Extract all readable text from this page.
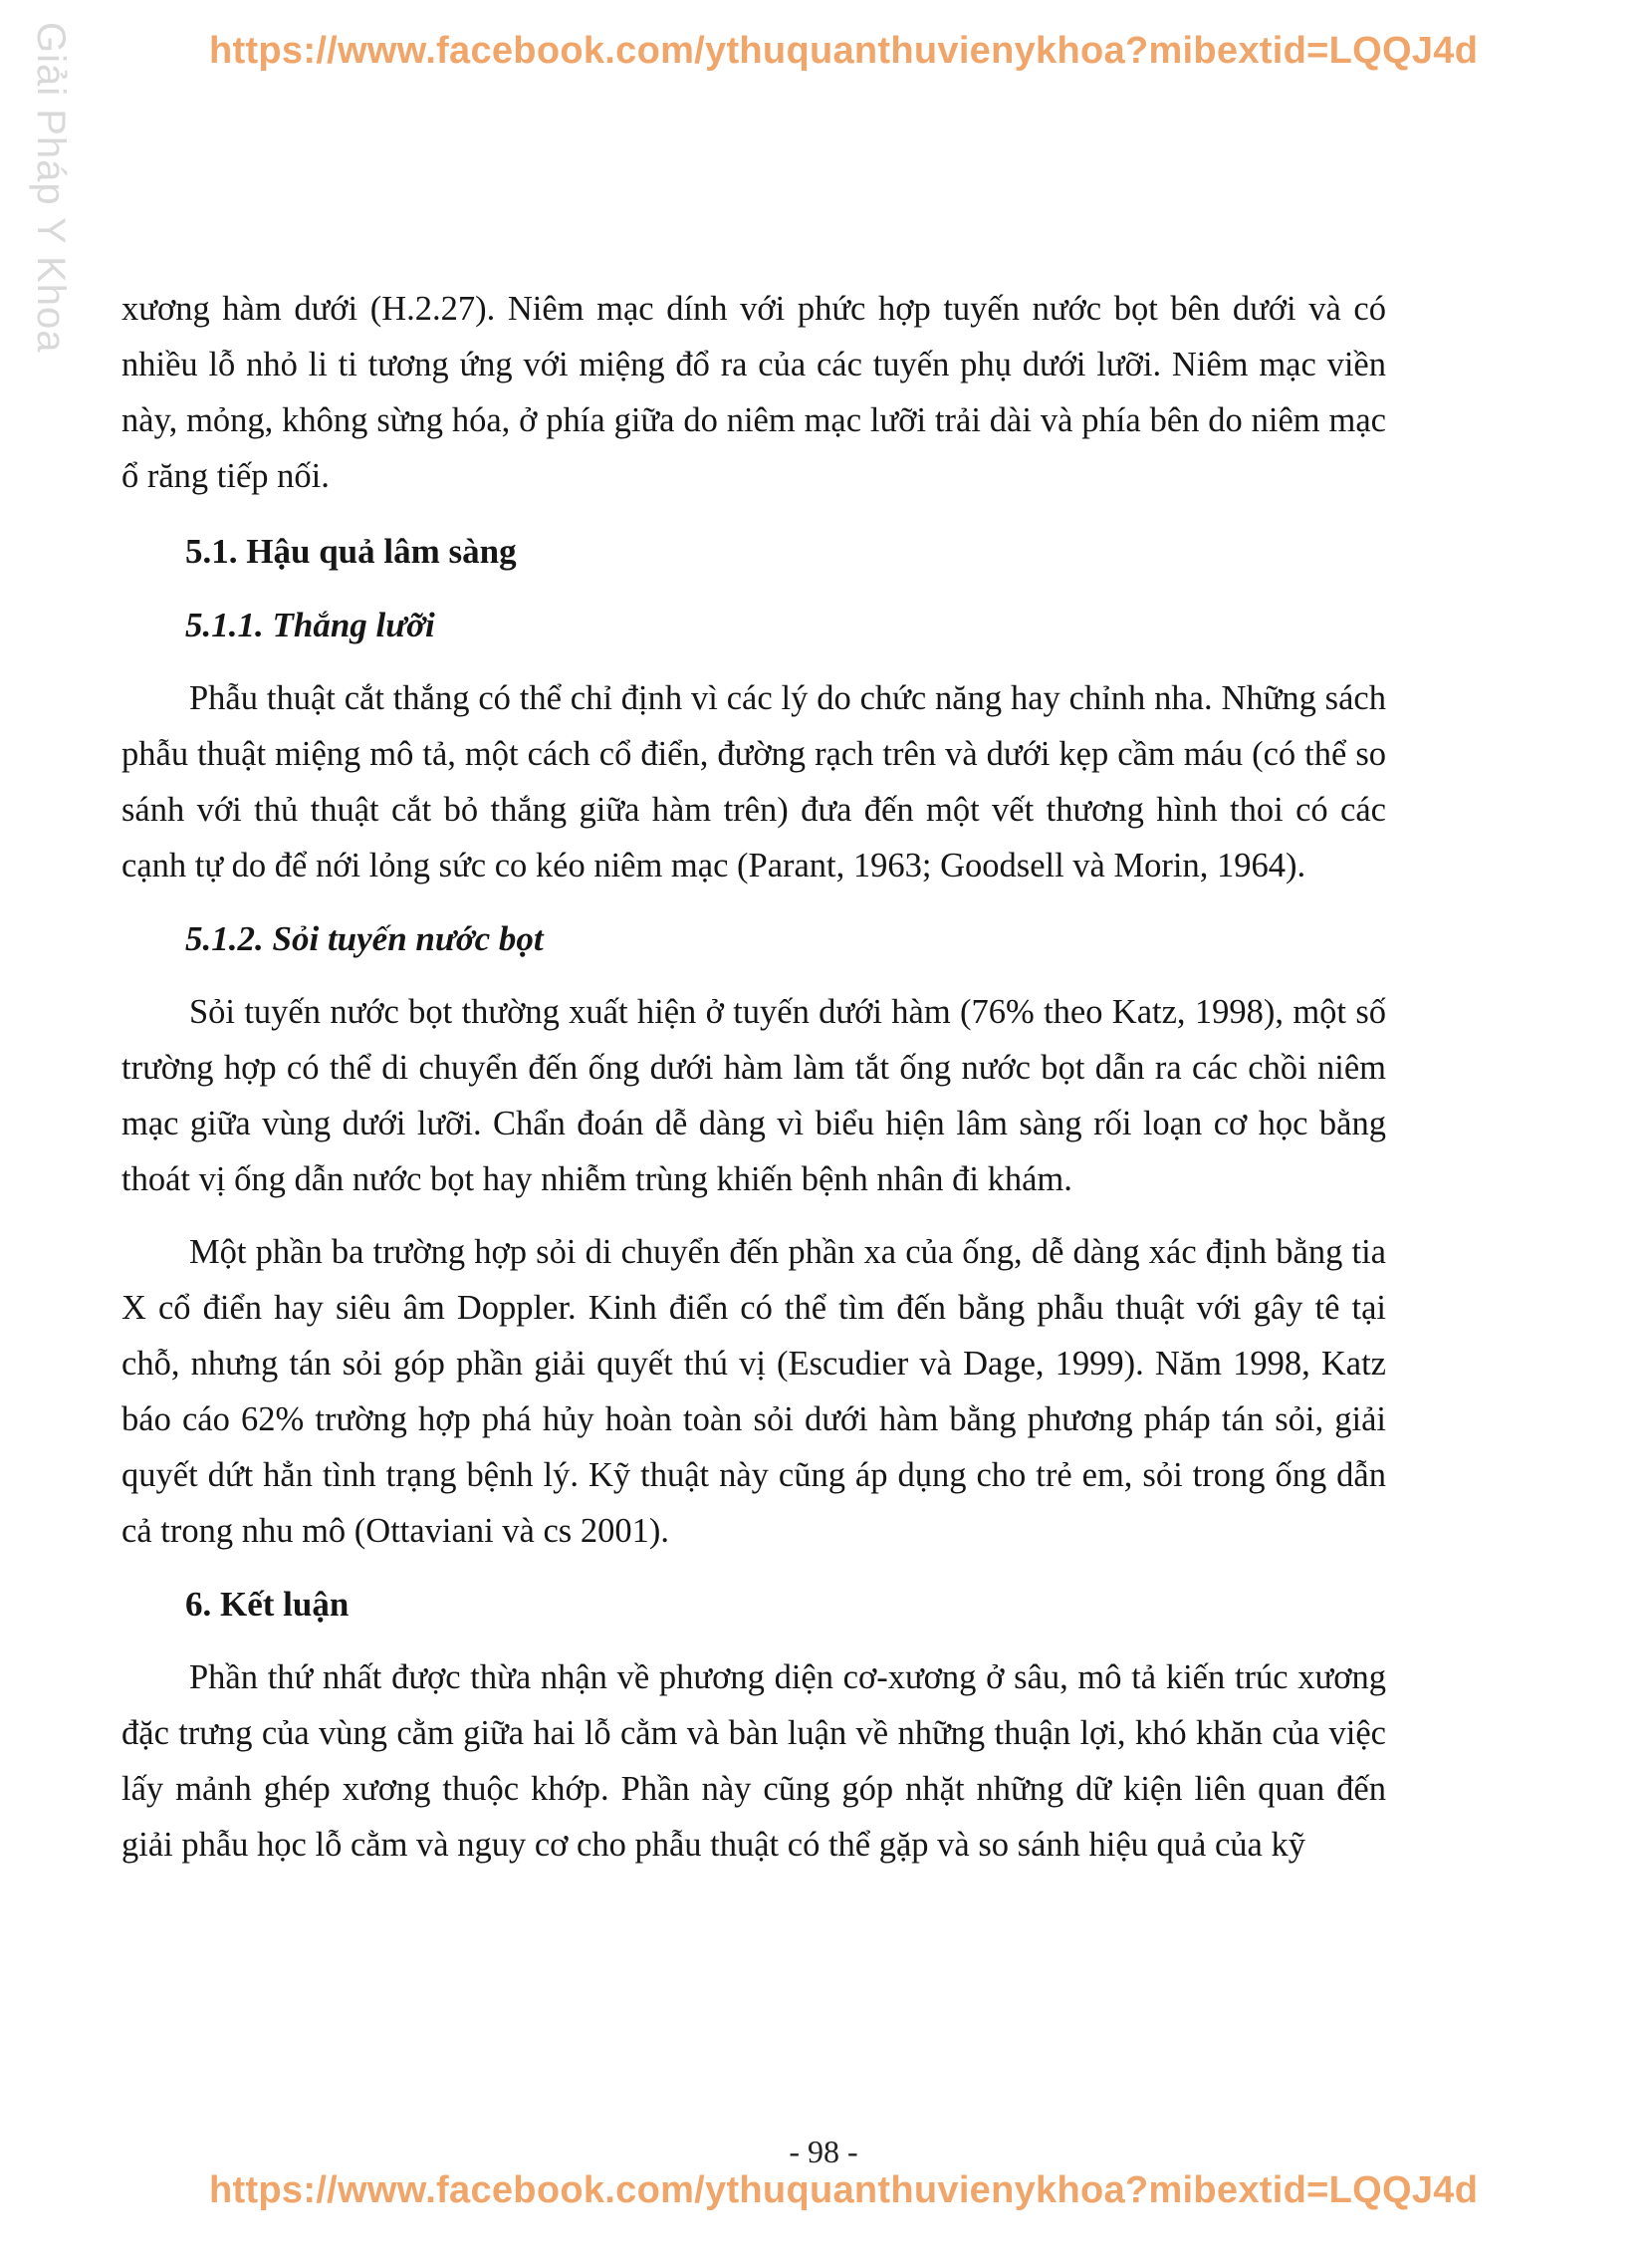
https://www.facebook.com/ythuquanthuvienykhoa?mibextid=LQQJ4d
Giải Pháp Y Khoa xương hàm dưới (H.2.27). Niêm mạc dính với phức hợp tuyến nước bọt bên dưới và có nhiều lỗ nhỏ li ti tương ứng với miệng đổ ra của các tuyến phụ dưới lưỡi. Niêm mạc viền này, mỏng, không sừng hóa, ở phía giữa do niêm mạc lưỡi trải dài và phía bên do niêm mạc ổ răng tiếp nối.

5.1. Hậu quả lâm sàng
5.1.1. Thắng lưỡi

Phẫu thuật cắt thắng có thể chỉ định vì các lý do chức năng hay chỉnh nha. Những sách phẫu thuật miệng mô tả, một cách cổ điển, đường rạch trên và dưới kẹp cầm máu (có thể so sánh với thủ thuật cắt bỏ thắng giữa hàm trên) đưa đến một vết thương hình thoi có các cạnh tự do để nới lỏng sức co kéo niêm mạc (Parant, 1963; Goodsell và Morin, 1964).

5.1.2. Sỏi tuyến nước bọt

Sỏi tuyến nước bọt thường xuất hiện ở tuyến dưới hàm (76% theo Katz, 1998), một số trường hợp có thể di chuyển đến ống dưới hàm làm tắt ống nước bọt dẫn ra các chồi niêm mạc giữa vùng dưới lưỡi. Chẩn đoán dễ dàng vì biểu hiện lâm sàng rối loạn cơ học bằng thoát vị ống dẫn nước bọt hay nhiễm trùng khiến bệnh nhân đi khám.

Một phần ba trường hợp sỏi di chuyển đến phần xa của ống, dễ dàng xác định bằng tia X cổ điển hay siêu âm Doppler. Kinh điển có thể tìm đến bằng phẫu thuật với gây tê tại chỗ, nhưng tán sỏi góp phần giải quyết thú vị (Escudier và Dage, 1999). Năm 1998, Katz báo cáo 62% trường hợp phá hủy hoàn toàn sỏi dưới hàm bằng phương pháp tán sỏi, giải quyết dứt hẳn tình trạng bệnh lý. Kỹ thuật này cũng áp dụng cho trẻ em, sỏi trong ống dẫn cả trong nhu mô (Ottaviani và cs 2001).

6. Kết luận

Phần thứ nhất được thừa nhận về phương diện cơ-xương ở sâu, mô tả kiến trúc xương đặc trưng của vùng cằm giữa hai lỗ cằm và bàn luận về những thuận lợi, khó khăn của việc lấy mảnh ghép xương thuộc khớp. Phần này cũng góp nhặt những dữ kiện liên quan đến giải phẫu học lỗ cằm và nguy cơ cho phẫu thuật có thể gặp và so sánh hiệu quả của kỹ

- 98 -
https://www.facebook.com/ythuquanthuvienykhoa?mibextid=LQQJ4d
